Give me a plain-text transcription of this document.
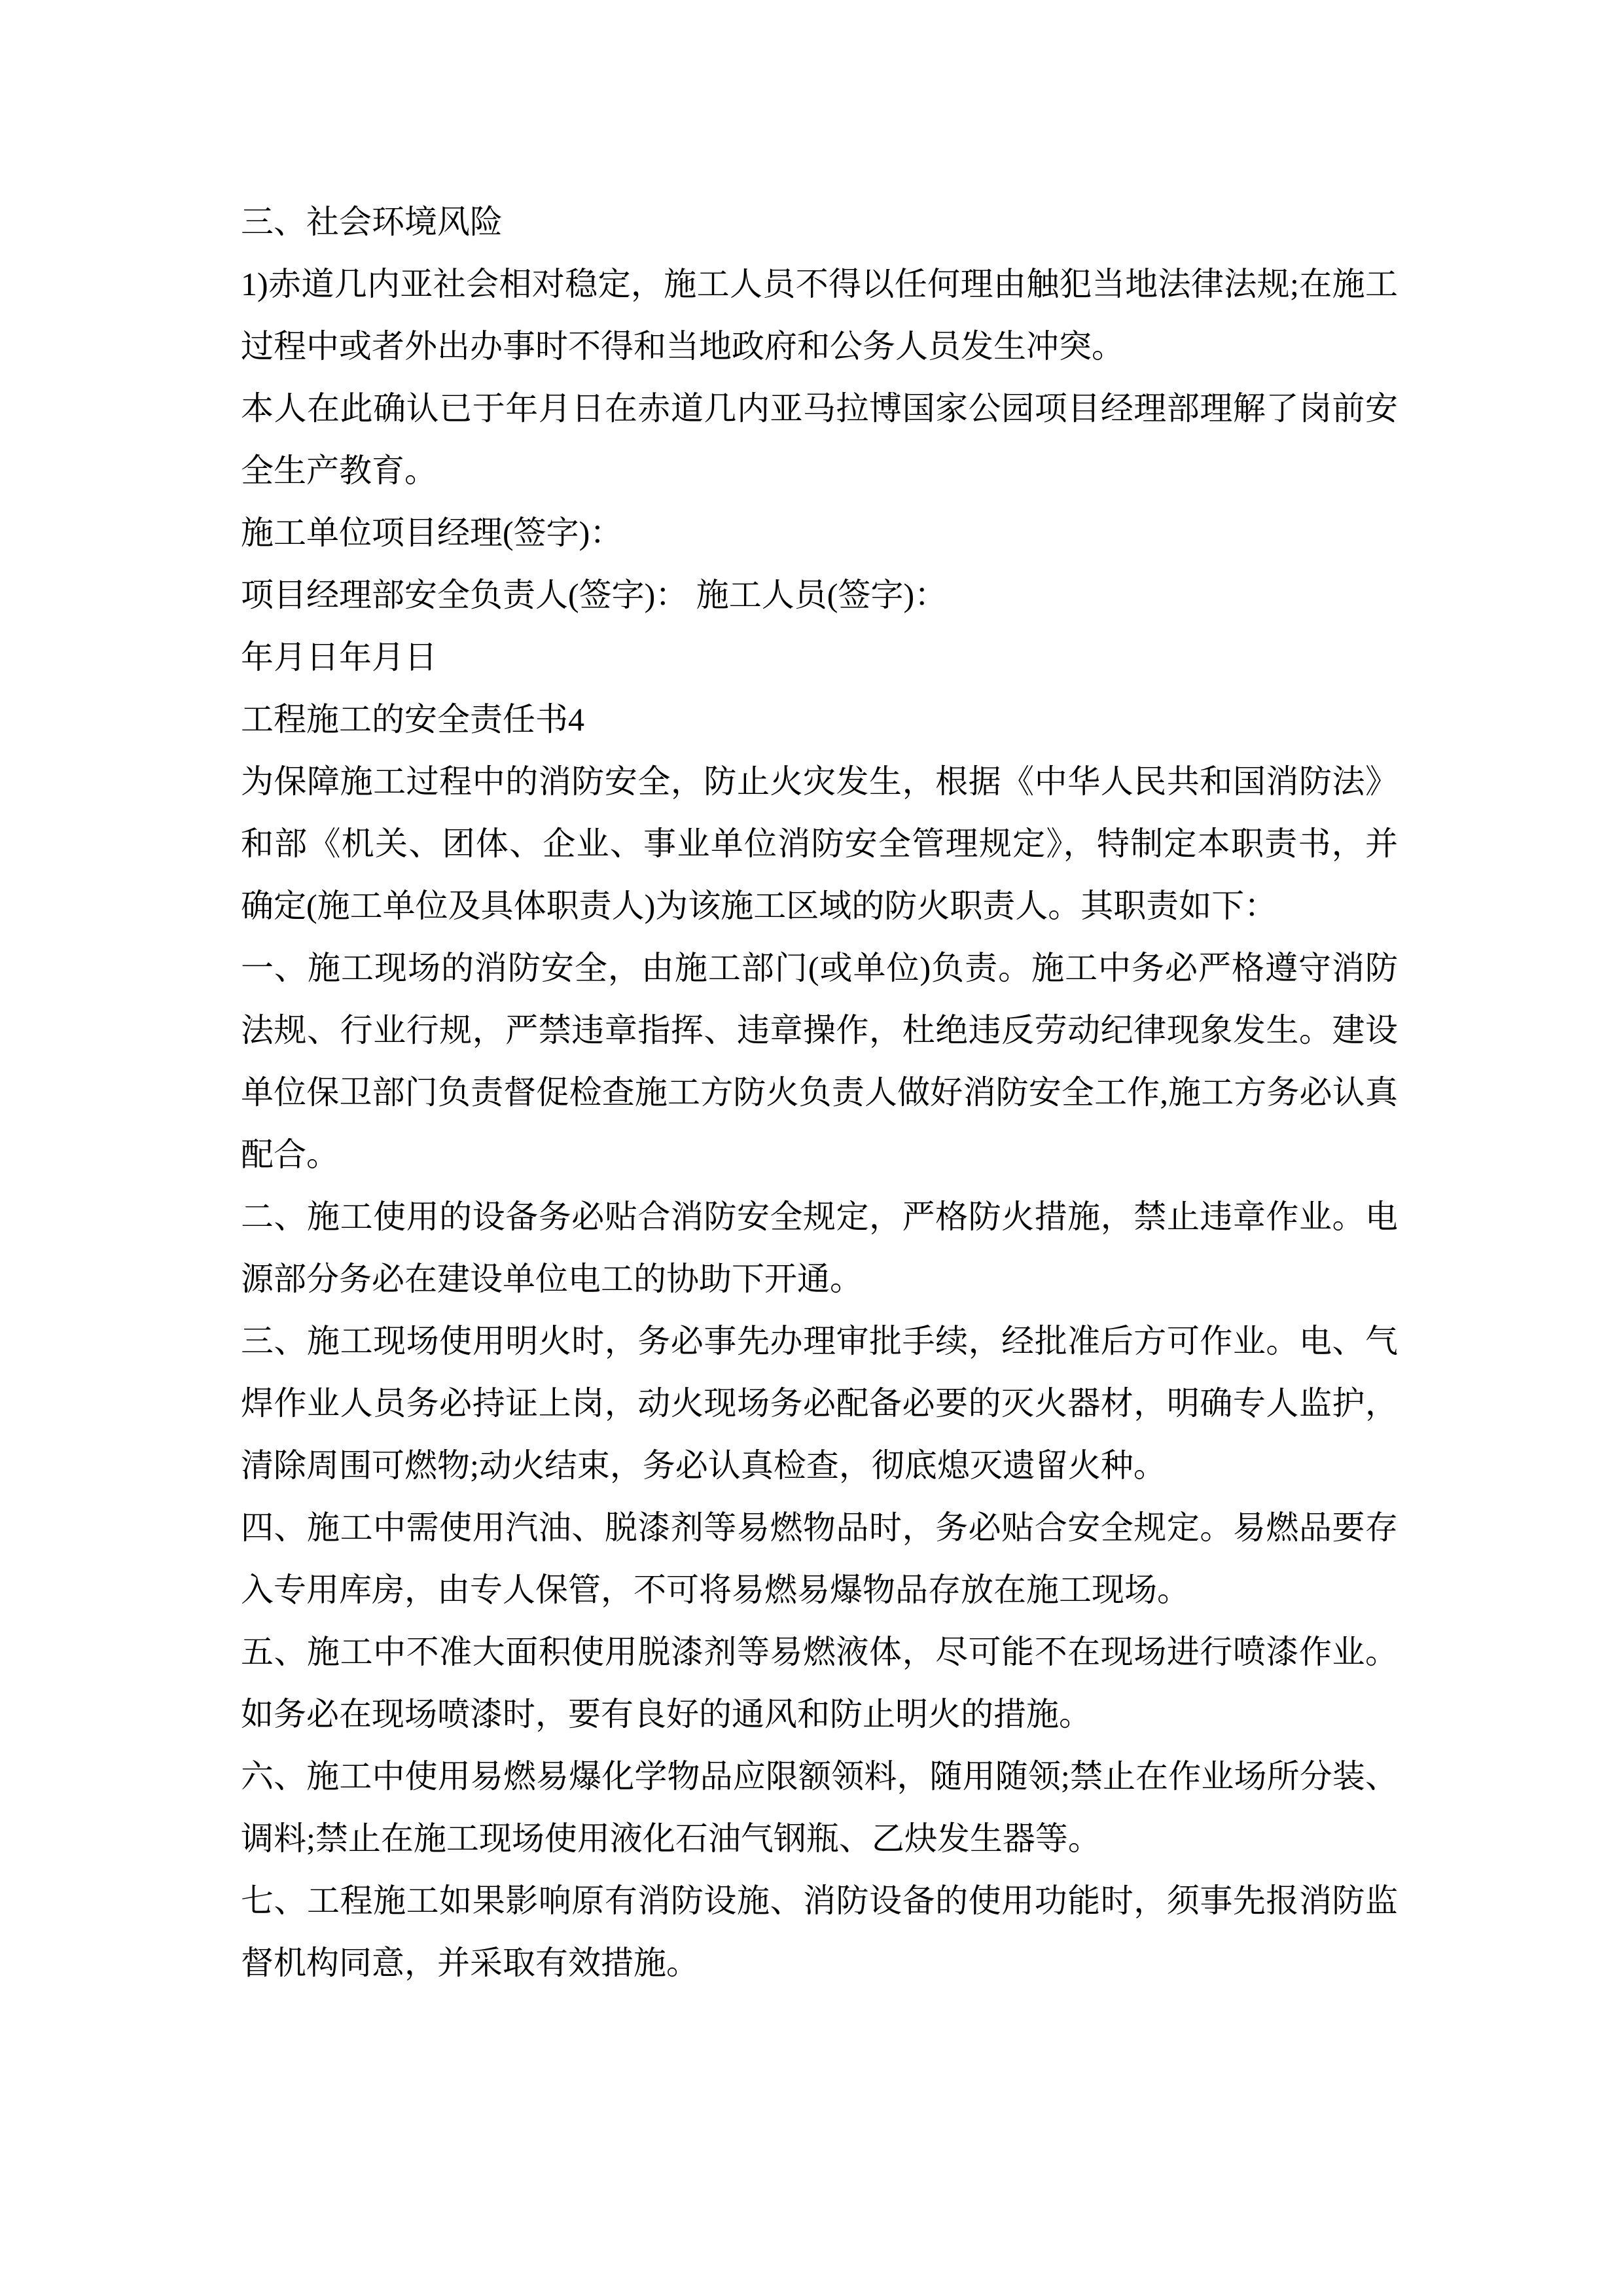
三、社会环境风险

1)赤道几内亚社会相对稳定，施工人员不得以任何理由触犯当地法律法规;在施工过程中或者外出办事时不得和当地政府和公务人员发生冲突。

本人在此确认已于年月日在赤道几内亚马拉博国家公园项目经理部理解了岗前安全生产教育。

施工单位项目经理(签字)：

项目经理部安全负责人(签字)： 施工人员(签字)：

年月日年月日

工程施工的安全责任书4

为保障施工过程中的消防安全，防止火灾发生，根据《中华人民共和国消防法》和部《机关、团体、企业、事业单位消防安全管理规定》，特制定本职责书，并确定(施工单位及具体职责人)为该施工区域的防火职责人。其职责如下：

一、施工现场的消防安全，由施工部门(或单位)负责。施工中务必严格遵守消防法规、行业行规，严禁违章指挥、违章操作，杜绝违反劳动纪律现象发生。建设单位保卫部门负责督促检查施工方防火负责人做好消防安全工作,施工方务必认真配合。

二、施工使用的设备务必贴合消防安全规定，严格防火措施，禁止违章作业。电源部分务必在建设单位电工的协助下开通。

三、施工现场使用明火时，务必事先办理审批手续，经批准后方可作业。电、气焊作业人员务必持证上岗，动火现场务必配备必要的灭火器材，明确专人监护，清除周围可燃物;动火结束，务必认真检查，彻底熄灭遗留火种。

四、施工中需使用汽油、脱漆剂等易燃物品时，务必贴合安全规定。易燃品要存入专用库房，由专人保管，不可将易燃易爆物品存放在施工现场。

五、施工中不准大面积使用脱漆剂等易燃液体，尽可能不在现场进行喷漆作业。如务必在现场喷漆时，要有良好的通风和防止明火的措施。

六、施工中使用易燃易爆化学物品应限额领料，随用随领;禁止在作业场所分装、调料;禁止在施工现场使用液化石油气钢瓶、乙炔发生器等。

七、工程施工如果影响原有消防设施、消防设备的使用功能时，须事先报消防监督机构同意，并采取有效措施。
